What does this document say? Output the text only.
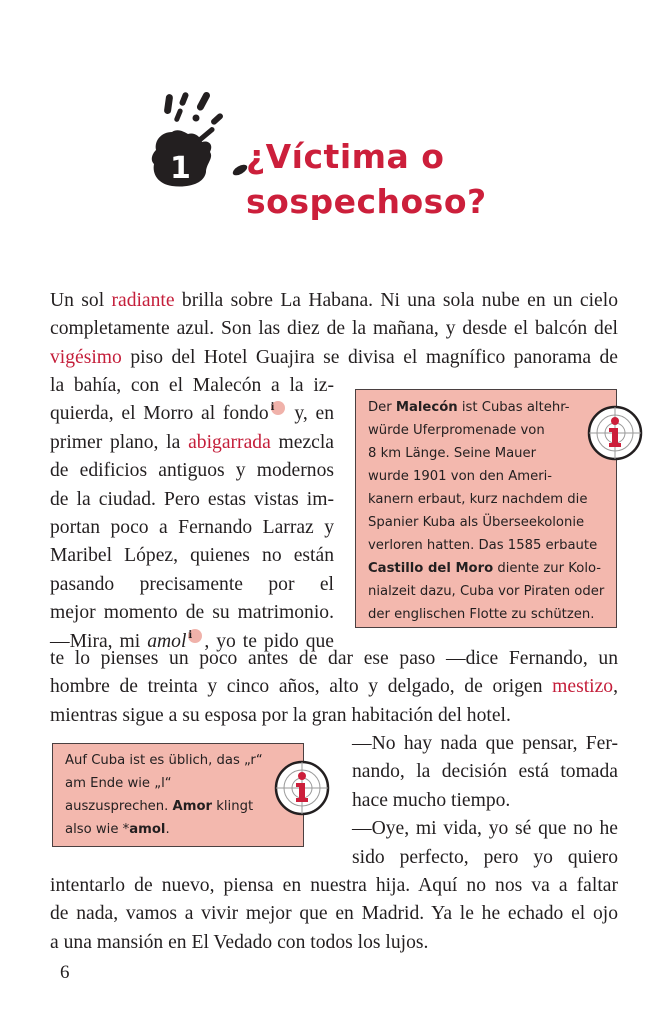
1 ¿Víctima o
sospechoso?
Un sol radiante brilla sobre La Habana. Ni una sola nube en un cielo
completamente azul. Son las diez de la mañana, y desde el balcón del
vigésimo piso del Hotel Guajira se divisa el magnífico panorama de
la bahía, con el Malecón a la iz-
quierda, el Morro al fondo i y, en
primer plano, la abigarrada mezcla
de edificios antiguos y modernos
de la ciudad. Pero estas vistas im-
portan poco a Fernando Larraz y
Maribel López, quienes no están
pasando precisamente por el
mejor momento de su matrimonio.
—Mira, mi amol i , yo te pido que
te lo pienses un poco antes de dar ese paso —dice Fernando, un
hombre de treinta y cinco años, alto y delgado, de origen mestizo,
mientras sigue a su esposa por la gran habitación del hotel.
—No hay nada que pensar, Fer-
nando, la decisión está tomada
hace mucho tiempo.
—Oye, mi vida, yo sé que no he
sido perfecto, pero yo quiero
intentarlo de nuevo, piensa en nuestra hija. Aquí no nos va a faltar
de nada, vamos a vivir mejor que en Madrid. Ya le he echado el ojo
a una mansión en El Vedado con todos los lujos.
Der Malecón ist Cubas altehr-
würde Uferpromenade von
8 km Länge. Seine Mauer
wurde 1901 von den Ameri-
kanern erbaut, kurz nachdem die
Spanier Kuba als Überseekolonie
verloren hatten. Das 1585 erbaute
Castillo del Moro diente zur Kolo-
nialzeit dazu, Cuba vor Piraten oder
der englischen Flotte zu schützen.
Auf Cuba ist es üblich, das „r“
am Ende wie „l“
auszusprechen. Amor klingt
also wie *amol.
6
